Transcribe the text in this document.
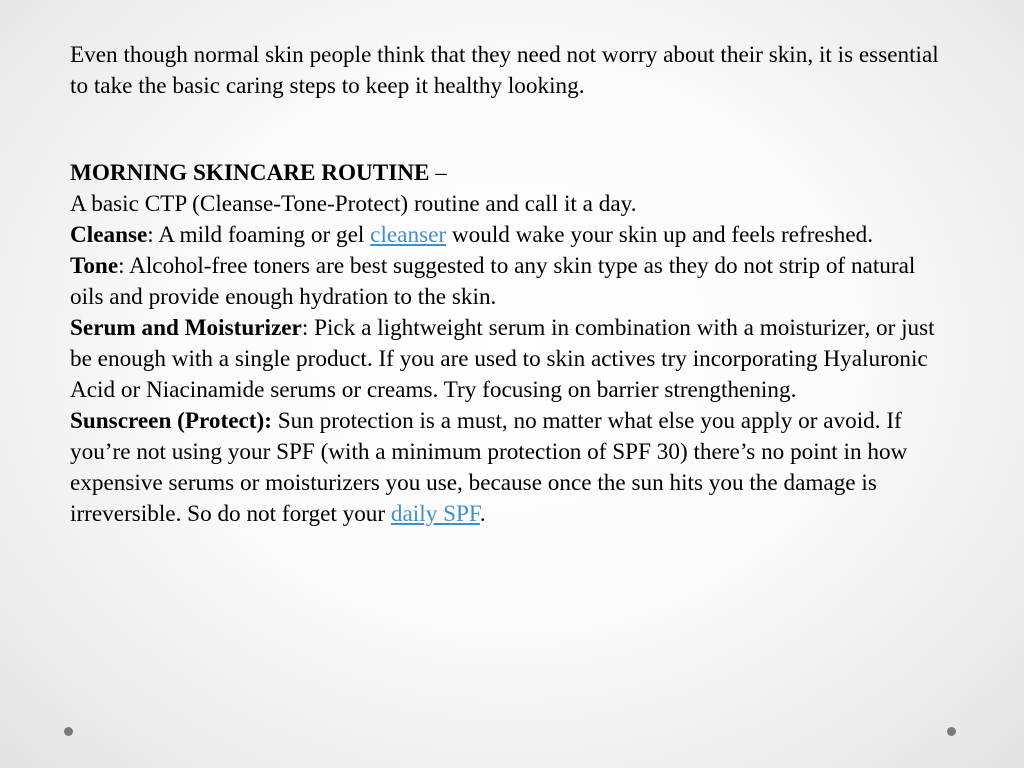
Even though normal skin people think that they need not worry about their skin, it is essential to take the basic caring steps to keep it healthy looking.

MORNING SKINCARE ROUTINE –

A basic CTP (Cleanse-Tone-Protect) routine and call it a day.

Cleanse: A mild foaming or gel cleanser would wake your skin up and feels refreshed.

Tone: Alcohol-free toners are best suggested to any skin type as they do not strip of natural oils and provide enough hydration to the skin.

Serum and Moisturizer: Pick a lightweight serum in combination with a moisturizer, or just be enough with a single product. If you are used to skin actives try incorporating Hyaluronic Acid or Niacinamide serums or creams. Try focusing on barrier strengthening.

Sunscreen (Protect): Sun protection is a must, no matter what else you apply or avoid. If you’re not using your SPF (with a minimum protection of SPF 30) there’s no point in how expensive serums or moisturizers you use, because once the sun hits you the damage is irreversible. So do not forget your daily SPF.
